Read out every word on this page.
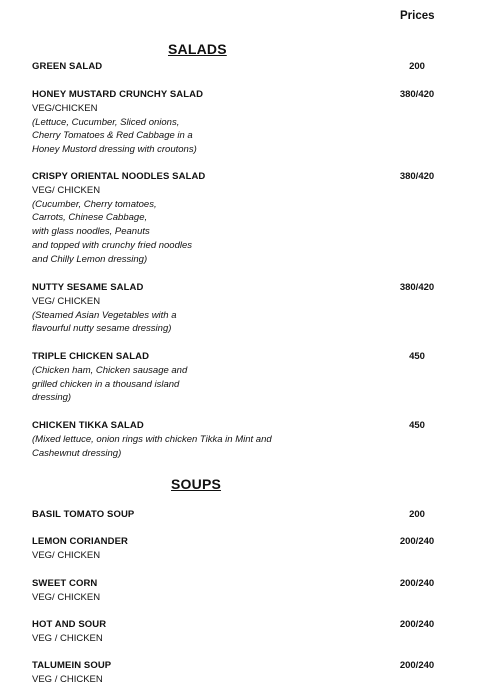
Prices
SALADS
GREEN SALAD	200
HONEY MUSTARD CRUNCHY SALAD
VEG/CHICKEN
(Lettuce, Cucumber, Sliced onions,
Cherry Tomatoes & Red Cabbage in a
Honey Mustord dressing with croutons)
380/420
CRISPY ORIENTAL NOODLES SALAD
VEG/ CHICKEN
(Cucumber, Cherry tomatoes,
Carrots, Chinese Cabbage,
with glass noodles, Peanuts
and topped with crunchy fried noodles
and Chilly Lemon dressing)
380/420
NUTTY SESAME SALAD
VEG/ CHICKEN
(Steamed Asian Vegetables with a
flavourful nutty sesame dressing)
380/420
TRIPLE CHICKEN SALAD
(Chicken ham, Chicken sausage and
grilled chicken in a thousand island
dressing)
450
CHICKEN TIKKA SALAD
(Mixed lettuce, onion rings with chicken Tikka in Mint and
Cashewnut dressing)
450
SOUPS
BASIL TOMATO SOUP	200
LEMON CORIANDER
VEG/ CHICKEN
200/240
SWEET CORN
VEG/ CHICKEN
200/240
HOT AND SOUR
VEG / CHICKEN
200/240
TALUMEIN SOUP
VEG / CHICKEN
200/240
